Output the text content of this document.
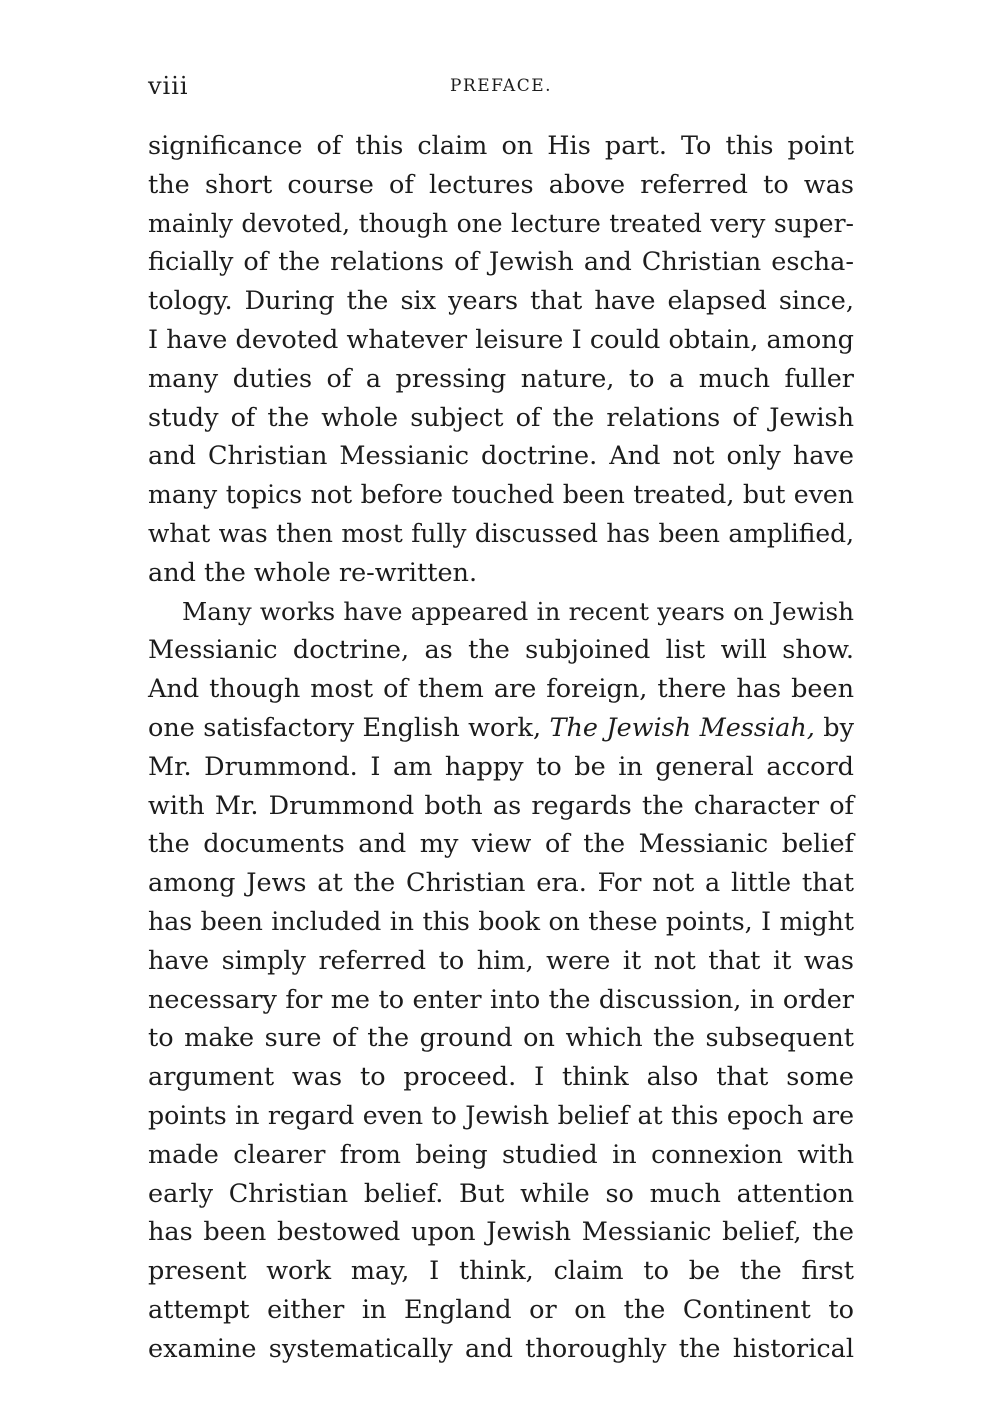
viii	PREFACE.
significance of this claim on His part. To this point
the short course of lectures above referred to was
mainly devoted, though one lecture treated very super-
ficially of the relations of Jewish and Christian escha-
tology. During the six years that have elapsed since,
I have devoted whatever leisure I could obtain, among
many duties of a pressing nature, to a much fuller
study of the whole subject of the relations of Jewish
and Christian Messianic doctrine. And not only have
many topics not before touched been treated, but even
what was then most fully discussed has been amplified,
and the whole re-written.
Many works have appeared in recent years on Jewish
Messianic doctrine, as the subjoined list will show.
And though most of them are foreign, there has been
one satisfactory English work, The Jewish Messiah, by
Mr. Drummond. I am happy to be in general accord
with Mr. Drummond both as regards the character of
the documents and my view of the Messianic belief
among Jews at the Christian era. For not a little that
has been included in this book on these points, I might
have simply referred to him, were it not that it was
necessary for me to enter into the discussion, in order
to make sure of the ground on which the subsequent
argument was to proceed. I think also that some
points in regard even to Jewish belief at this epoch are
made clearer from being studied in connexion with
early Christian belief. But while so much attention
has been bestowed upon Jewish Messianic belief, the
present work may, I think, claim to be the first
attempt either in England or on the Continent to
examine systematically and thoroughly the historical
